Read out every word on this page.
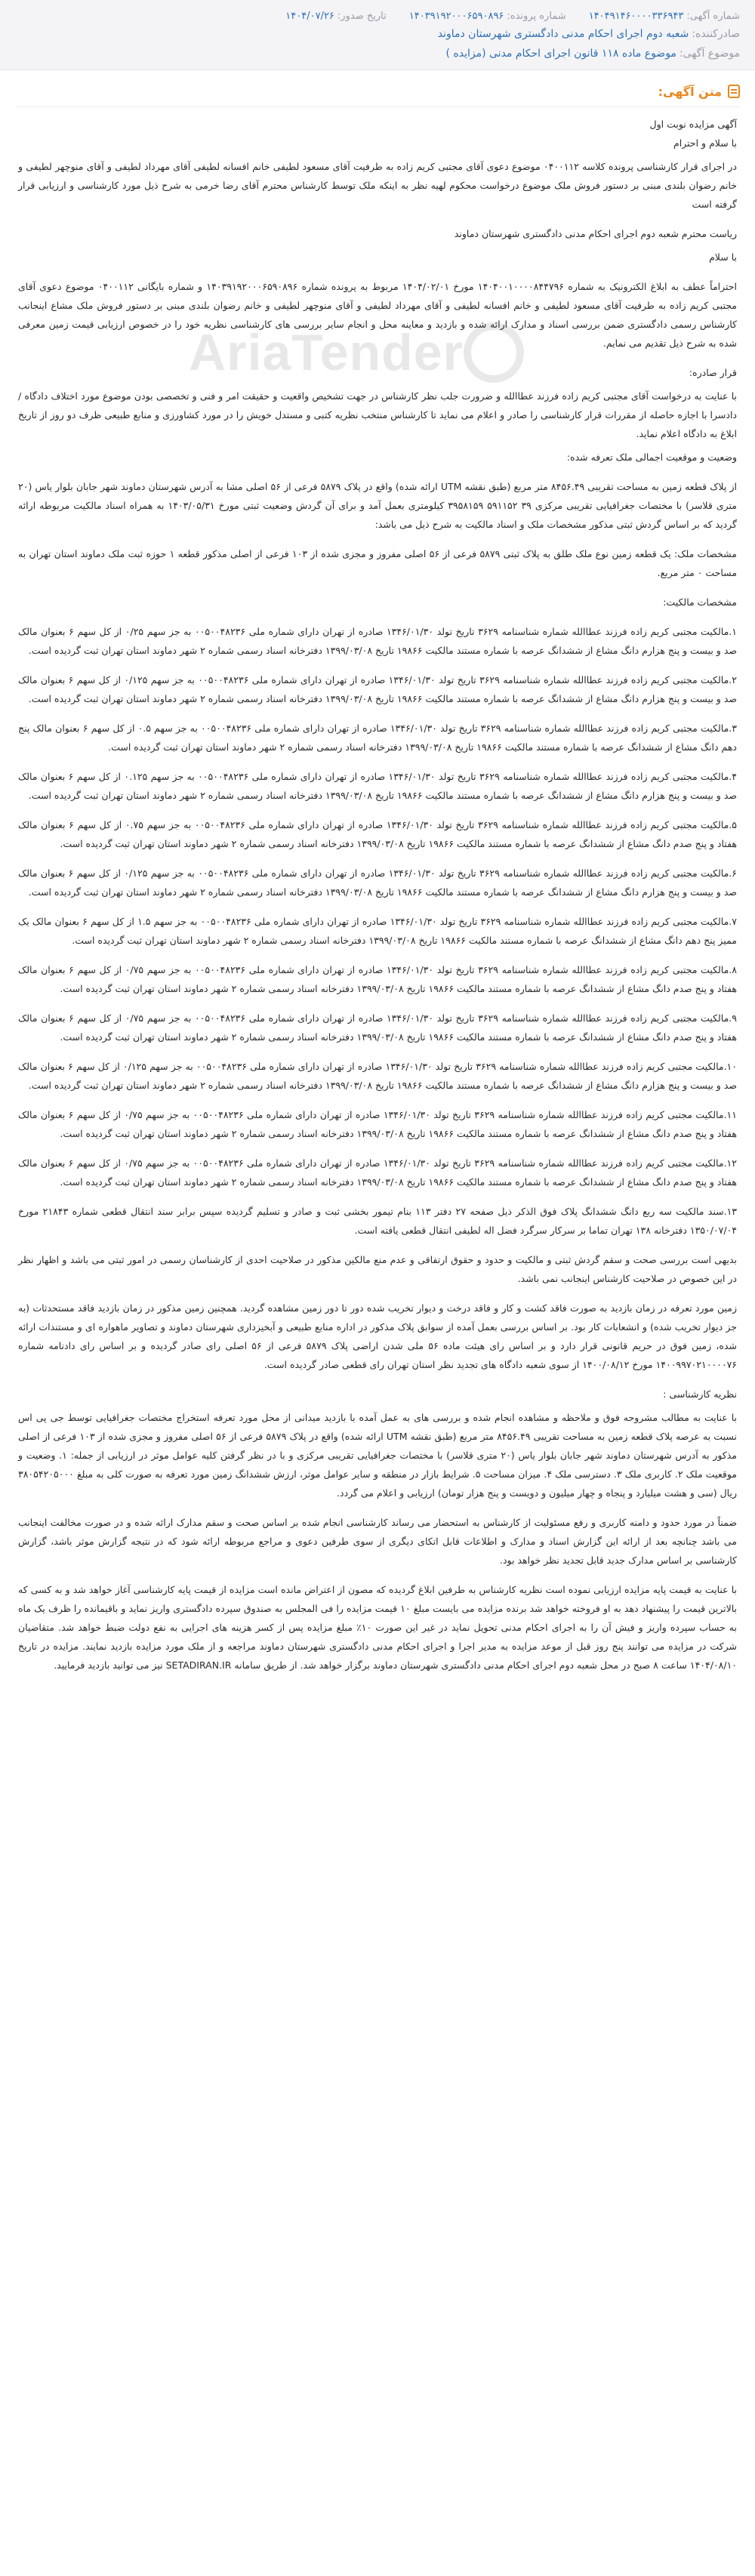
شماره آگهی:۱۴۰۴۹۱۴۶۰۰۰۰۳۳۶۹۴۳
شماره پرونده:۱۴۰۳۹۱۹۲۰۰۰۶۵۹۰۸۹۶
تاریخ صدور:۱۴۰۴/۰۷/۲۶
صادرکننده:شعبه دوم اجرای احکام مدنی دادگستری شهرستان دماوند
موضوع آگهی:موضوع ماده ۱۱۸ قانون اجرای احکام مدنی (مزایده )
متن آگهی:
AriaTender

آگهی مزایده نوبت اول

با سلام و احترام

در اجرای قرار کارشناسی پرونده کلاسه ۰۴۰۰۱۱۲ موضوع دعوی آقای مجتبی کریم زاده به طرفیت آقای مسعود لطیفی خانم افسانه لطیفی آقای مهرداد لطیفی و آقای منوچهر لطیفی و خانم رضوان بلندی مبنی بر دستور فروش ملک موضوع درخواست محکوم لهیه نظر به اینکه ملک توسط کارشناس محترم آقای رضا خرمی به شرح ذیل مورد کارشناسی و ارزیابی قرار گرفته است

ریاست محترم شعبه دوم اجرای احکام مدنی دادگستری شهرستان دماوند

با سلام

احتراماً عطف به ابلاغ الکترونیک به شماره ۱۴۰۴۰۰۱۰۰۰۰۸۴۴۷۹۶ مورخ ۱۴۰۴/۰۲/۰۱ مربوط به پرونده شماره ۱۴۰۳۹۱۹۲۰۰۰۶۵۹۰۸۹۶ و شماره بایگانی ۰۴۰۰۱۱۲ موضوع دعوی آقای مجتبی کریم زاده به طرفیت آقای مسعود لطیفی و خانم افسانه لطیفی و آقای مهرداد لطیفی و آقای منوچهر لطیفی و خانم رضوان بلندی مبنی بر دستور فروش ملک مشاع اینجانب کارشناس رسمی دادگستری ضمن بررسی اسناد و مدارک ارائه شده و بازدید و معاینه محل و انجام سایر بررسی های کارشناسی نظریه خود را در خصوص ارزیابی قیمت زمین معرفی شده به شرح ذیل تقدیم می نمایم.

قرار صادره:

با عنایت به درخواست آقای مجتبی کریم زاده فرزند عطاالله و ضرورت جلب نظر کارشناس در جهت تشخیص واقعیت و حقیقت امر و فنی و تخصصی بودن موضوع مورد اختلاف دادگاه / دادسرا با اجازه حاصله از مقررات قرار کارشناسی را صادر و اعلام می نماید تا کارشناس منتخب نظریه کتبی و مستدل خویش را در مورد کشاورزی و منابع طبیعی ظرف دو روز از تاریخ ابلاغ به دادگاه اعلام نماید.

وضعیت و موقعیت اجمالی ملک تعرفه شده:

از پلاک قطعه زمین به مساحت تقریبی ۸۴۵۶.۴۹ متر مربع (طبق نقشه UTM ارائه شده) واقع در پلاک ۵۸۷۹ فرعی از ۵۶ اصلی مشا به آدرس شهرستان دماوند شهر جابان بلوار یاس (۲۰ متری قلاسر) با مختصات جغرافیایی تقریبی مرکزی ۳۹ ۵۹۱۱۵۲ ۳۹۵۸۱۵۹ کیلومتری بعمل آمد و برای آن گردش وضعیت ثبتی مورخ ۱۴۰۳/۰۵/۳۱ به همراه اسناد مالکیت مربوطه ارائه گردید که بر اساس گردش ثبتی مذکور مشخصات ملک و اسناد مالکیت به شرح ذیل می باشد:

مشخصات ملک: یک قطعه زمین نوع ملک طلق به پلاک ثبتی ۵۸۷۹ فرعی از ۵۶ اصلی مفروز و مجزی شده از ۱۰۳ فرعی از اصلی مذکور قطعه ۱ حوزه ثبت ملک دماوند استان تهران به مساحت ۰ متر مربع.

مشخصات مالکیت:

۱.مالکیت مجتبی کریم زاده فرزند عطاالله شماره شناسنامه ۳۶۲۹ تاریخ تولد ۱۳۴۶/۰۱/۳۰ صادره از تهران دارای شماره ملی ۰۰۵۰۰۴۸۲۳۶ به جز سهم ۰/۲۵ از کل سهم ۶ بعنوان مالک صد و بیست و پنج هزارم دانگ مشاع از ششدانگ عرصه با شماره مستند مالکیت ۱۹۸۶۶ تاریخ ۱۳۹۹/۰۳/۰۸ دفترخانه اسناد رسمی شماره ۲ شهر دماوند استان تهران ثبت گردیده است.

۲.مالکیت مجتبی کریم زاده فرزند عطاالله شماره شناسنامه ۳۶۲۹ تاریخ تولد ۱۳۴۶/۰۱/۳۰ صادره از تهران دارای شماره ملی ۰۰۵۰۰۴۸۲۳۶ به جز سهم ۰/۱۲۵ از کل سهم ۶ بعنوان مالک صد و بیست و پنج هزارم دانگ مشاع از ششدانگ عرصه با شماره مستند مالکیت ۱۹۸۶۶ تاریخ ۱۳۹۹/۰۳/۰۸ دفترخانه اسناد رسمی شماره ۲ شهر دماوند استان تهران ثبت گردیده است.

۳.مالکیت مجتبی کریم زاده فرزند عطاالله شماره شناسنامه ۳۶۲۹ تاریخ تولد ۱۳۴۶/۰۱/۳۰ صادره از تهران دارای شماره ملی ۰۰۵۰۰۴۸۲۳۶ به جز سهم ۰.۵ از کل سهم ۶ بعنوان مالک پنج دهم دانگ مشاع از ششدانگ عرصه با شماره مستند مالکیت ۱۹۸۶۶ تاریخ ۱۳۹۹/۰۳/۰۸ دفترخانه اسناد رسمی شماره ۲ شهر دماوند استان تهران ثبت گردیده است.

۴.مالکیت مجتبی کریم زاده فرزند عطاالله شماره شناسنامه ۳۶۲۹ تاریخ تولد ۱۳۴۶/۰۱/۳۰ صادره از تهران دارای شماره ملی ۰۰۵۰۰۴۸۲۳۶ به جز سهم ۰.۱۲۵ از کل سهم ۶ بعنوان مالک صد و بیست و پنج هزارم دانگ مشاع از ششدانگ عرصه با شماره مستند مالکیت ۱۹۸۶۶ تاریخ ۱۳۹۹/۰۳/۰۸ دفترخانه اسناد رسمی شماره ۲ شهر دماوند استان تهران ثبت گردیده است.

۵.مالکیت مجتبی کریم زاده فرزند عطاالله شماره شناسنامه ۳۶۲۹ تاریخ تولد ۱۳۴۶/۰۱/۳۰ صادره از تهران دارای شماره ملی ۰۰۵۰۰۴۸۲۳۶ به جز سهم ۰.۷۵ از کل سهم ۶ بعنوان مالک هفتاد و پنج صدم دانگ مشاع از ششدانگ عرصه با شماره مستند مالکیت ۱۹۸۶۶ تاریخ ۱۳۹۹/۰۳/۰۸ دفترخانه اسناد رسمی شماره ۲ شهر دماوند استان تهران ثبت گردیده است.

۶.مالکیت مجتبی کریم زاده فرزند عطاالله شماره شناسنامه ۳۶۲۹ تاریخ تولد ۱۳۴۶/۰۱/۳۰ صادره از تهران دارای شماره ملی ۰۰۵۰۰۴۸۲۳۶ به جز سهم ۰/۱۲۵ از کل سهم ۶ بعنوان مالک صد و بیست و پنج هزارم دانگ مشاع از ششدانگ عرصه با شماره مستند مالکیت ۱۹۸۶۶ تاریخ ۱۳۹۹/۰۳/۰۸ دفترخانه اسناد رسمی شماره ۲ شهر دماوند استان تهران ثبت گردیده است.

۷.مالکیت مجتبی کریم زاده فرزند عطاالله شماره شناسنامه ۳۶۲۹ تاریخ تولد ۱۳۴۶/۰۱/۳۰ صادره از تهران دارای شماره ملی ۰۰۵۰۰۴۸۲۳۶ به جز سهم ۱.۵ از کل سهم ۶ بعنوان مالک یک ممیز پنج دهم دانگ مشاع از ششدانگ عرصه با شماره مستند مالکیت ۱۹۸۶۶ تاریخ ۱۳۹۹/۰۳/۰۸ دفترخانه اسناد رسمی شماره ۲ شهر دماوند استان تهران ثبت گردیده است.

۸.مالکیت مجتبی کریم زاده فرزند عطاالله شماره شناسنامه ۳۶۲۹ تاریخ تولد ۱۳۴۶/۰۱/۳۰ صادره از تهران دارای شماره ملی ۰۰۵۰۰۴۸۲۳۶ به جز سهم ۰/۷۵ از کل سهم ۶ بعنوان مالک هفتاد و پنج صدم دانگ مشاع از ششدانگ عرصه با شماره مستند مالکیت ۱۹۸۶۶ تاریخ ۱۳۹۹/۰۳/۰۸ دفترخانه اسناد رسمی شماره ۲ شهر دماوند استان تهران ثبت گردیده است.

۹.مالکیت مجتبی کریم زاده فرزند عطاالله شماره شناسنامه ۳۶۲۹ تاریخ تولد ۱۳۴۶/۰۱/۳۰ صادره از تهران دارای شماره ملی ۰۰۵۰۰۴۸۲۳۶ به جز سهم ۰/۷۵ از کل سهم ۶ بعنوان مالک هفتاد و پنج صدم دانگ مشاع از ششدانگ عرصه با شماره مستند مالکیت ۱۹۸۶۶ تاریخ ۱۳۹۹/۰۳/۰۸ دفترخانه اسناد رسمی شماره ۲ شهر دماوند استان تهران ثبت گردیده است.

۱۰.مالکیت مجتبی کریم زاده فرزند عطاالله شماره شناسنامه ۳۶۲۹ تاریخ تولد ۱۳۴۶/۰۱/۳۰ صادره از تهران دارای شماره ملی ۰۰۵۰۰۴۸۲۳۶ به جز سهم ۰/۱۲۵ از کل سهم ۶ بعنوان مالک صد و بیست و پنج هزارم دانگ مشاع از ششدانگ عرصه با شماره مستند مالکیت ۱۹۸۶۶ تاریخ ۱۳۹۹/۰۳/۰۸ دفترخانه اسناد رسمی شماره ۲ شهر دماوند استان تهران ثبت گردیده است.

۱۱.مالکیت مجتبی کریم زاده فرزند عطاالله شماره شناسنامه ۳۶۲۹ تاریخ تولد ۱۳۴۶/۰۱/۳۰ صادره از تهران دارای شماره ملی ۰۰۵۰۰۴۸۲۳۶ به جز سهم ۰/۷۵ از کل سهم ۶ بعنوان مالک هفتاد و پنج صدم دانگ مشاع از ششدانگ عرصه با شماره مستند مالکیت ۱۹۸۶۶ تاریخ ۱۳۹۹/۰۳/۰۸ دفترخانه اسناد رسمی شماره ۲ شهر دماوند استان تهران ثبت گردیده است.

۱۲.مالکیت مجتبی کریم زاده فرزند عطاالله شماره شناسنامه ۳۶۲۹ تاریخ تولد ۱۳۴۶/۰۱/۳۰ صادره از تهران دارای شماره ملی ۰۰۵۰۰۴۸۲۳۶ به جز سهم ۰/۷۵ از کل سهم ۶ بعنوان مالک هفتاد و پنج صدم دانگ مشاع از ششدانگ عرصه با شماره مستند مالکیت ۱۹۸۶۶ تاریخ ۱۳۹۹/۰۳/۰۸ دفترخانه اسناد رسمی شماره ۲ شهر دماوند استان تهران ثبت گردیده است.

۱۳.سند مالکیت سه ربع دانگ ششدانگ پلاک فوق الذکر ذیل صفحه ۲۷ دفتر ۱۱۳ بنام تیمور بخشی ثبت و صادر و تسلیم گردیده سپس برابر سند انتقال قطعی شماره ۲۱۸۴۳ مورخ ۱۳۵۰/۰۷/۰۴ دفترخانه ۱۳۸ تهران تماما بر سرکار سرگرد فضل اله لطیفی انتقال قطعی یافته است.

بدیهی است بررسی صحت و سقم گردش ثبتی و مالکیت و حدود و حقوق ارتفاقی و عدم منع مالکین مذکور در صلاحیت احدی از کارشناسان رسمی در امور ثبتی می باشد و اظهار نظر در این خصوص در صلاحیت کارشناس اینجانب نمی باشد.

زمین مورد تعرفه در زمان بازدید به صورت فاقد کشت و کار و فاقد درخت و دیوار تخریب شده دور تا دور زمین مشاهده گردید. همچنین زمین مذکور در زمان بازدید فاقد مستحدثات (به جز دیوار تخریب شده) و انشعابات کار بود. بر اساس بررسی بعمل آمده از سوابق پلاک مذکور در اداره منابع طبیعی و آبخیزداری شهرستان دماوند و تصاویر ماهواره ای و مستندات ارائه شده، زمین فوق در حریم قانونی قرار دارد و بر اساس رای هیئت ماده ۵۶ ملی شدن اراضی پلاک ۵۸۷۹ فرعی از ۵۶ اصلی رای صادر گردیده و بر اساس رای دادنامه شماره ۱۴۰۰۹۹۷۰۲۱۰۰۰۰۷۶ مورخ ۱۴۰۰/۰۸/۱۲ از سوی شعبه دادگاه های تجدید نظر استان تهران رای قطعی صادر گردیده است.

نظریه کارشناسی :

با عنایت به مطالب مشروحه فوق و ملاحظه و مشاهده انجام شده و بررسی های به عمل آمده با بازدید میدانی از محل مورد تعرفه استخراج مختصات جغرافیایی توسط جی پی اس نسبت به عرصه پلاک قطعه زمین به مساحت تقریبی ۸۴۵۶.۴۹ متر مربع (طبق نقشه UTM ارائه شده) واقع در پلاک ۵۸۷۹ فرعی از ۵۶ اصلی مفروز و مجزی شده از ۱۰۳ فرعی از اصلی مذکور به آدرس شهرستان دماوند شهر جابان بلوار یاس (۲۰ متری قلاسر) با مختصات جغرافیایی تقریبی مرکزی و با در نظر گرفتن کلیه عوامل موثر در ارزیابی از جمله: ۱. وضعیت و موقعیت ملک ۲. کاربری ملک ۳. دسترسی ملک ۴. میزان مساحت ۵. شرایط بازار در منطقه و سایر عوامل موثر، ارزش ششدانگ زمین مورد تعرفه به صورت کلی به مبلغ ۳۸۰۵۴۲۰۵۰۰۰ ریال (سی و هشت میلیارد و پنجاه و چهار میلیون و دویست و پنج هزار تومان) ارزیابی و اعلام می گردد.

ضمناً در مورد حدود و دامنه کاربری و رفع مسئولیت از کارشناس به استحضار می رساند کارشناسی انجام شده بر اساس صحت و سقم مدارک ارائه شده و در صورت مخالفت اینجانب می باشد چنانچه بعد از ارائه این گزارش اسناد و مدارک و اطلاعات قابل اتکای دیگری از سوی طرفین دعوی و مراجع مربوطه ارائه شود که در نتیجه گزارش موثر باشد، گزارش کارشناسی بر اساس مدارک جدید قابل تجدید نظر خواهد بود.

با عنایت به قیمت پایه مزایده ارزیابی نموده است نظریه کارشناس به طرفین ابلاغ گردیده که مصون از اعتراض مانده است مزایده از قیمت پایه کارشناسی آغاز خواهد شد و به کسی که بالاترین قیمت را پیشنهاد دهد به او فروخته خواهد شد برنده مزایده می بایست مبلغ ۱۰ قیمت مزایده را فی المجلس به صندوق سپرده دادگستری واریز نماید و باقیمانده را ظرف یک ماه به حساب سپرده واریز و فیش آن را به اجرای احکام مدنی تحویل نماید در غیر این صورت ۱۰٪ مبلغ مزایده پس از کسر هزینه های اجرایی به نفع دولت ضبط خواهد شد. متقاضیان شرکت در مزایده می توانند پنج روز قبل از موعد مزایده به مدیر اجرا و اجرای احکام مدنی دادگستری شهرستان دماوند مراجعه و از ملک مورد مزایده بازدید نمایند. مزایده در تاریخ ۱۴۰۴/۰۸/۱۰ ساعت ۸ صبح در محل شعبه دوم اجرای احکام مدنی دادگستری شهرستان دماوند برگزار خواهد شد. از طریق سامانه SETADIRAN.IR نیز می توانید بازدید فرمایید.
